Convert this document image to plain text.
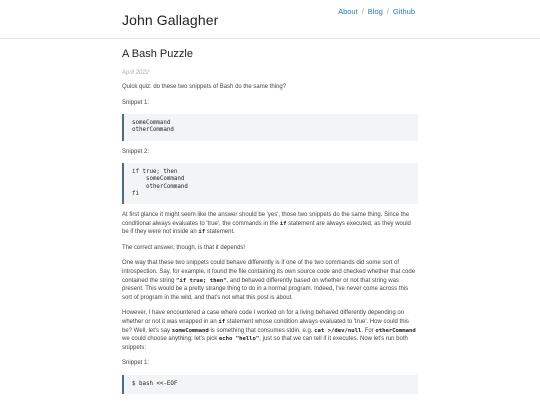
John Gallagher
About / Blog / Github
A Bash Puzzle
April 2022

Quick quiz: do these two snippets of Bash do the same thing?

Snippet 1:

someCommand
otherCommand

Snippet 2:

if true; then
someCommand
otherCommand
fi

At first glance it might seem like the answer should be 'yes', those two snippets do the same thing. Since the conditional always evaluates to 'true', the commands in the if statement are always executed, as they would be if they were not inside an if statement.

The correct answer, though, is that it depends!

One way that these two snippets could behave differently is if one of the two commands did some sort of introspection. Say, for example, it found the file containing its own source code and checked whether that code contained the string "if true; then", and behaved differently based on whether or not that string was present. This would be a pretty strange thing to do in a normal program. Indeed, I've never come across this sort of program in the wild, and that's not what this post is about.

However, I have encountered a case where code I worked on for a living behaved differently depending on whether or not it was wrapped in an if statement whose condition always evaluated to 'true'. How could this be? Well, let's say someCommand is something that consumes stdin, e.g. cat >/dev/null. For otherCommand we could choose anything; let's pick echo "hello", just so that we can tell if it executes. Now let's run both snippets:

Snippet 1:

$ bash <<-EOF
